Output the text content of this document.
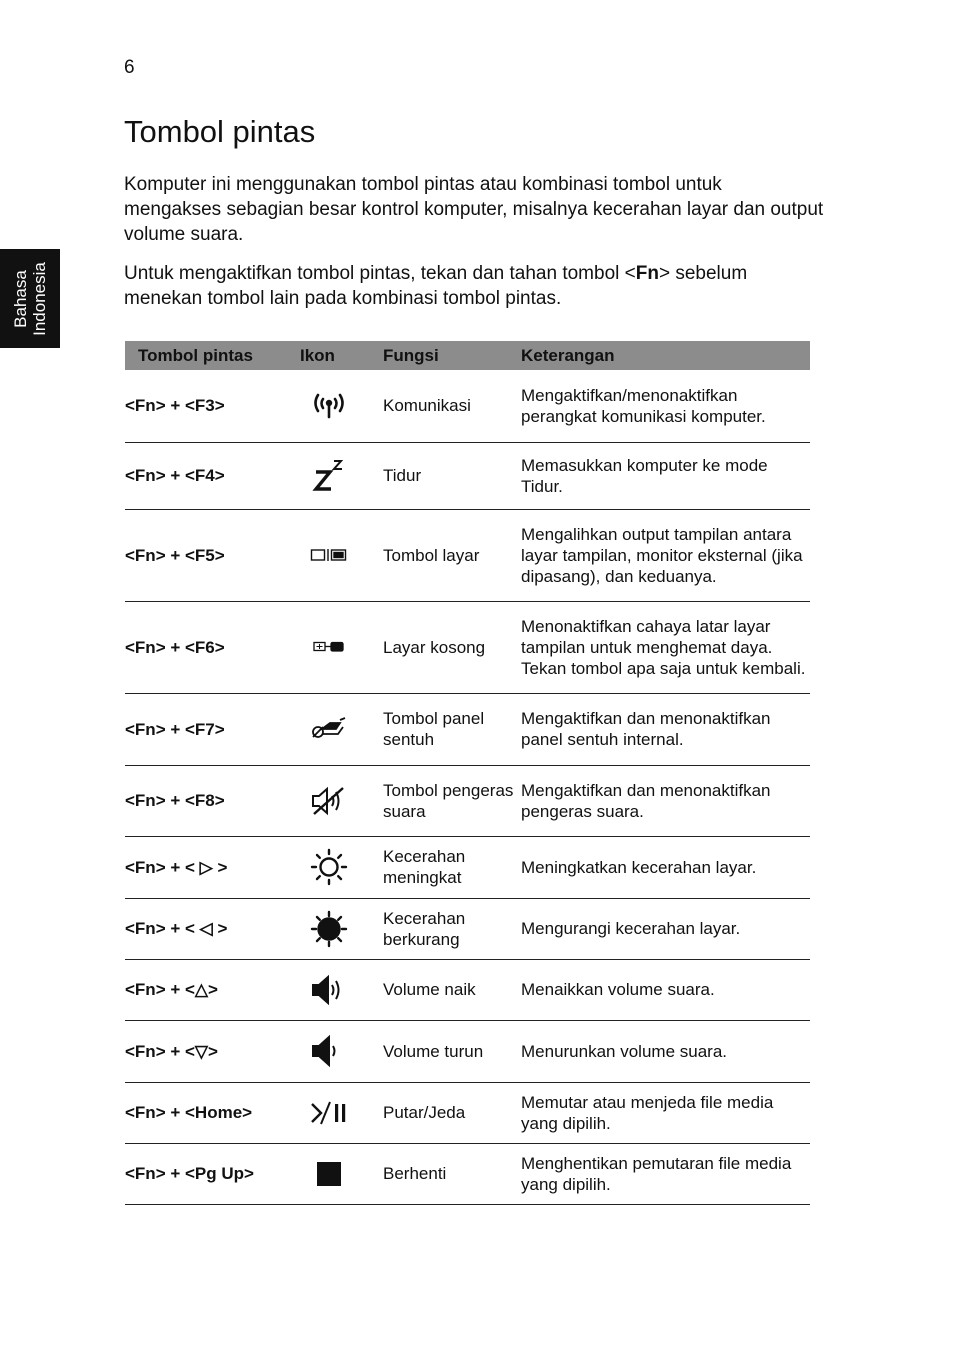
6
Bahasa Indonesia
Tombol pintas

Komputer ini menggunakan tombol pintas atau kombinasi tombol untuk mengakses sebagian besar kontrol komputer, misalnya kecerahan layar dan output volume suara.

Untuk mengaktifkan tombol pintas, tekan dan tahan tombol <Fn> sebelum menekan tombol lain pada kombinasi tombol pintas.

Tombol pintas	Ikon	Fungsi	Keterangan
<Fn> + <F3>		Komunikasi	Mengaktifkan/menonaktifkan perangkat komunikasi komputer.
<Fn> + <F4>		Tidur	Memasukkan komputer ke mode Tidur.
<Fn> + <F5>		Tombol layar	Mengalihkan output tampilan antara layar tampilan, monitor eksternal (jika dipasang), dan keduanya.
<Fn> + <F6>		Layar kosong	Menonaktifkan cahaya latar layar tampilan untuk menghemat daya. Tekan tombol apa saja untuk kembali.
<Fn> + <F7>		Tombol panel sentuh	Mengaktifkan dan menonaktifkan panel sentuh internal.
<Fn> + <F8>		Tombol pengeras suara	Mengaktifkan dan menonaktifkan pengeras suara.
<Fn> + < ▷ >		Kecerahan meningkat	Meningkatkan kecerahan layar.
<Fn> + < ◁ >		Kecerahan berkurang	Mengurangi kecerahan layar.
<Fn> + <△>		Volume naik	Menaikkan volume suara.
<Fn> + <▽>		Volume turun	Menurunkan volume suara.
<Fn> + <Home>		Putar/Jeda	Memutar atau menjeda file media yang dipilih.
<Fn> + <Pg Up>		Berhenti	Menghentikan pemutaran file media yang dipilih.
